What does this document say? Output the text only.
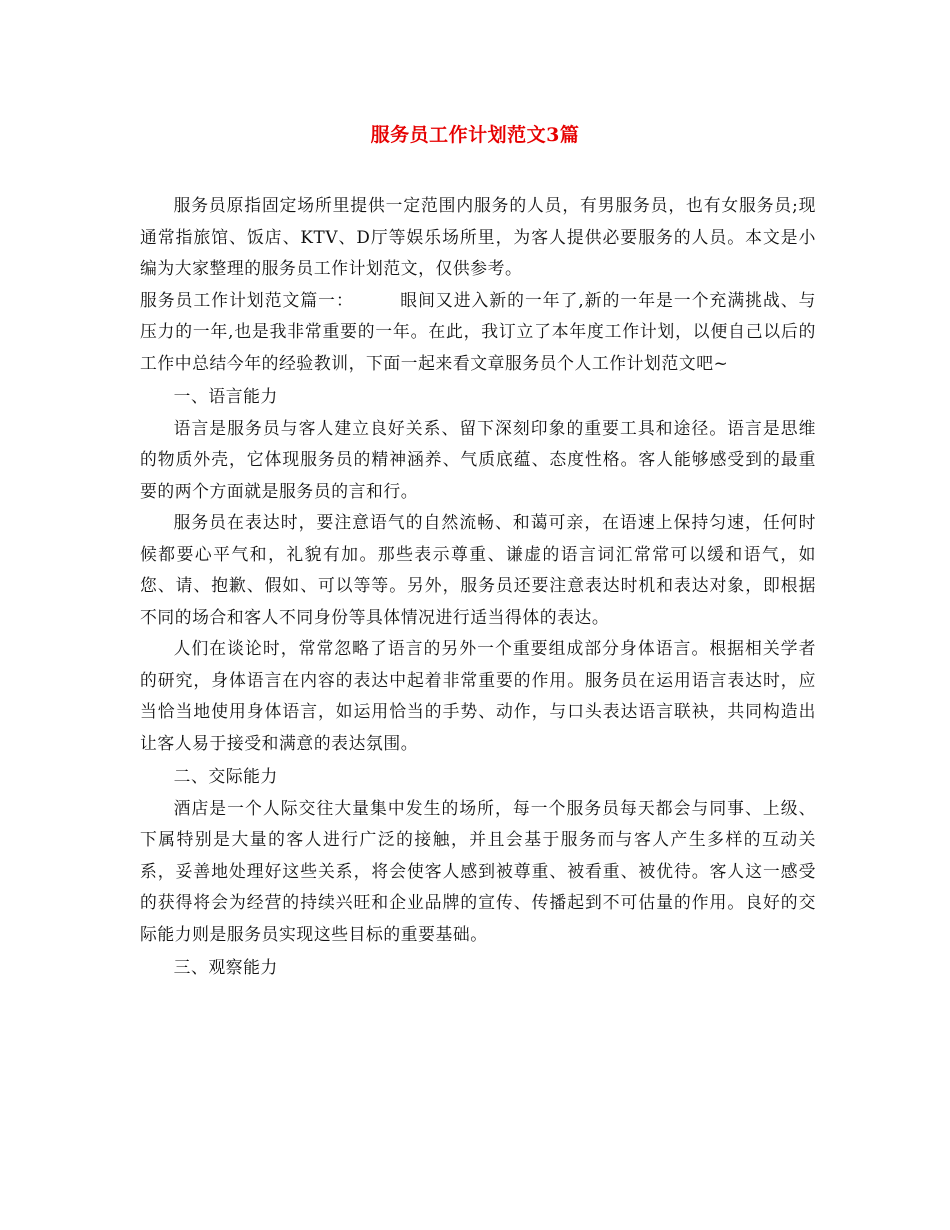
服务员工作计划范文3篇

服务员原指固定场所里提供一定范围内服务的人员，有男服务员，也有女服务员;现通常指旅馆、饭店、KTV、D厅等娱乐场所里，为客人提供必要服务的人员。本文是小编为大家整理的服务员工作计划范文，仅供参考。

服务员工作计划范文篇一：	眼间又进入新的一年了,新的一年是一个充满挑战、与压力的一年,也是我非常重要的一年。在此，我订立了本年度工作计划，以便自己以后的工作中总结今年的经验教训，下面一起来看文章服务员个人工作计划范文吧~

一、语言能力

语言是服务员与客人建立良好关系、留下深刻印象的重要工具和途径。语言是思维的物质外壳，它体现服务员的精神涵养、气质底蕴、态度性格。客人能够感受到的最重要的两个方面就是服务员的言和行。

服务员在表达时，要注意语气的自然流畅、和蔼可亲，在语速上保持匀速，任何时候都要心平气和，礼貌有加。那些表示尊重、谦虚的语言词汇常常可以缓和语气，如您、请、抱歉、假如、可以等等。另外，服务员还要注意表达时机和表达对象，即根据不同的场合和客人不同身份等具体情况进行适当得体的表达。

人们在谈论时，常常忽略了语言的另外一个重要组成部分身体语言。根据相关学者的研究，身体语言在内容的表达中起着非常重要的作用。服务员在运用语言表达时，应当恰当地使用身体语言，如运用恰当的手势、动作，与口头表达语言联袂，共同构造出让客人易于接受和满意的表达氛围。

二、交际能力

酒店是一个人际交往大量集中发生的场所，每一个服务员每天都会与同事、上级、下属特别是大量的客人进行广泛的接触，并且会基于服务而与客人产生多样的互动关系，妥善地处理好这些关系，将会使客人感到被尊重、被看重、被优待。客人这一感受的获得将会为经营的持续兴旺和企业品牌的宣传、传播起到不可估量的作用。良好的交际能力则是服务员实现这些目标的重要基础。

三、观察能力
